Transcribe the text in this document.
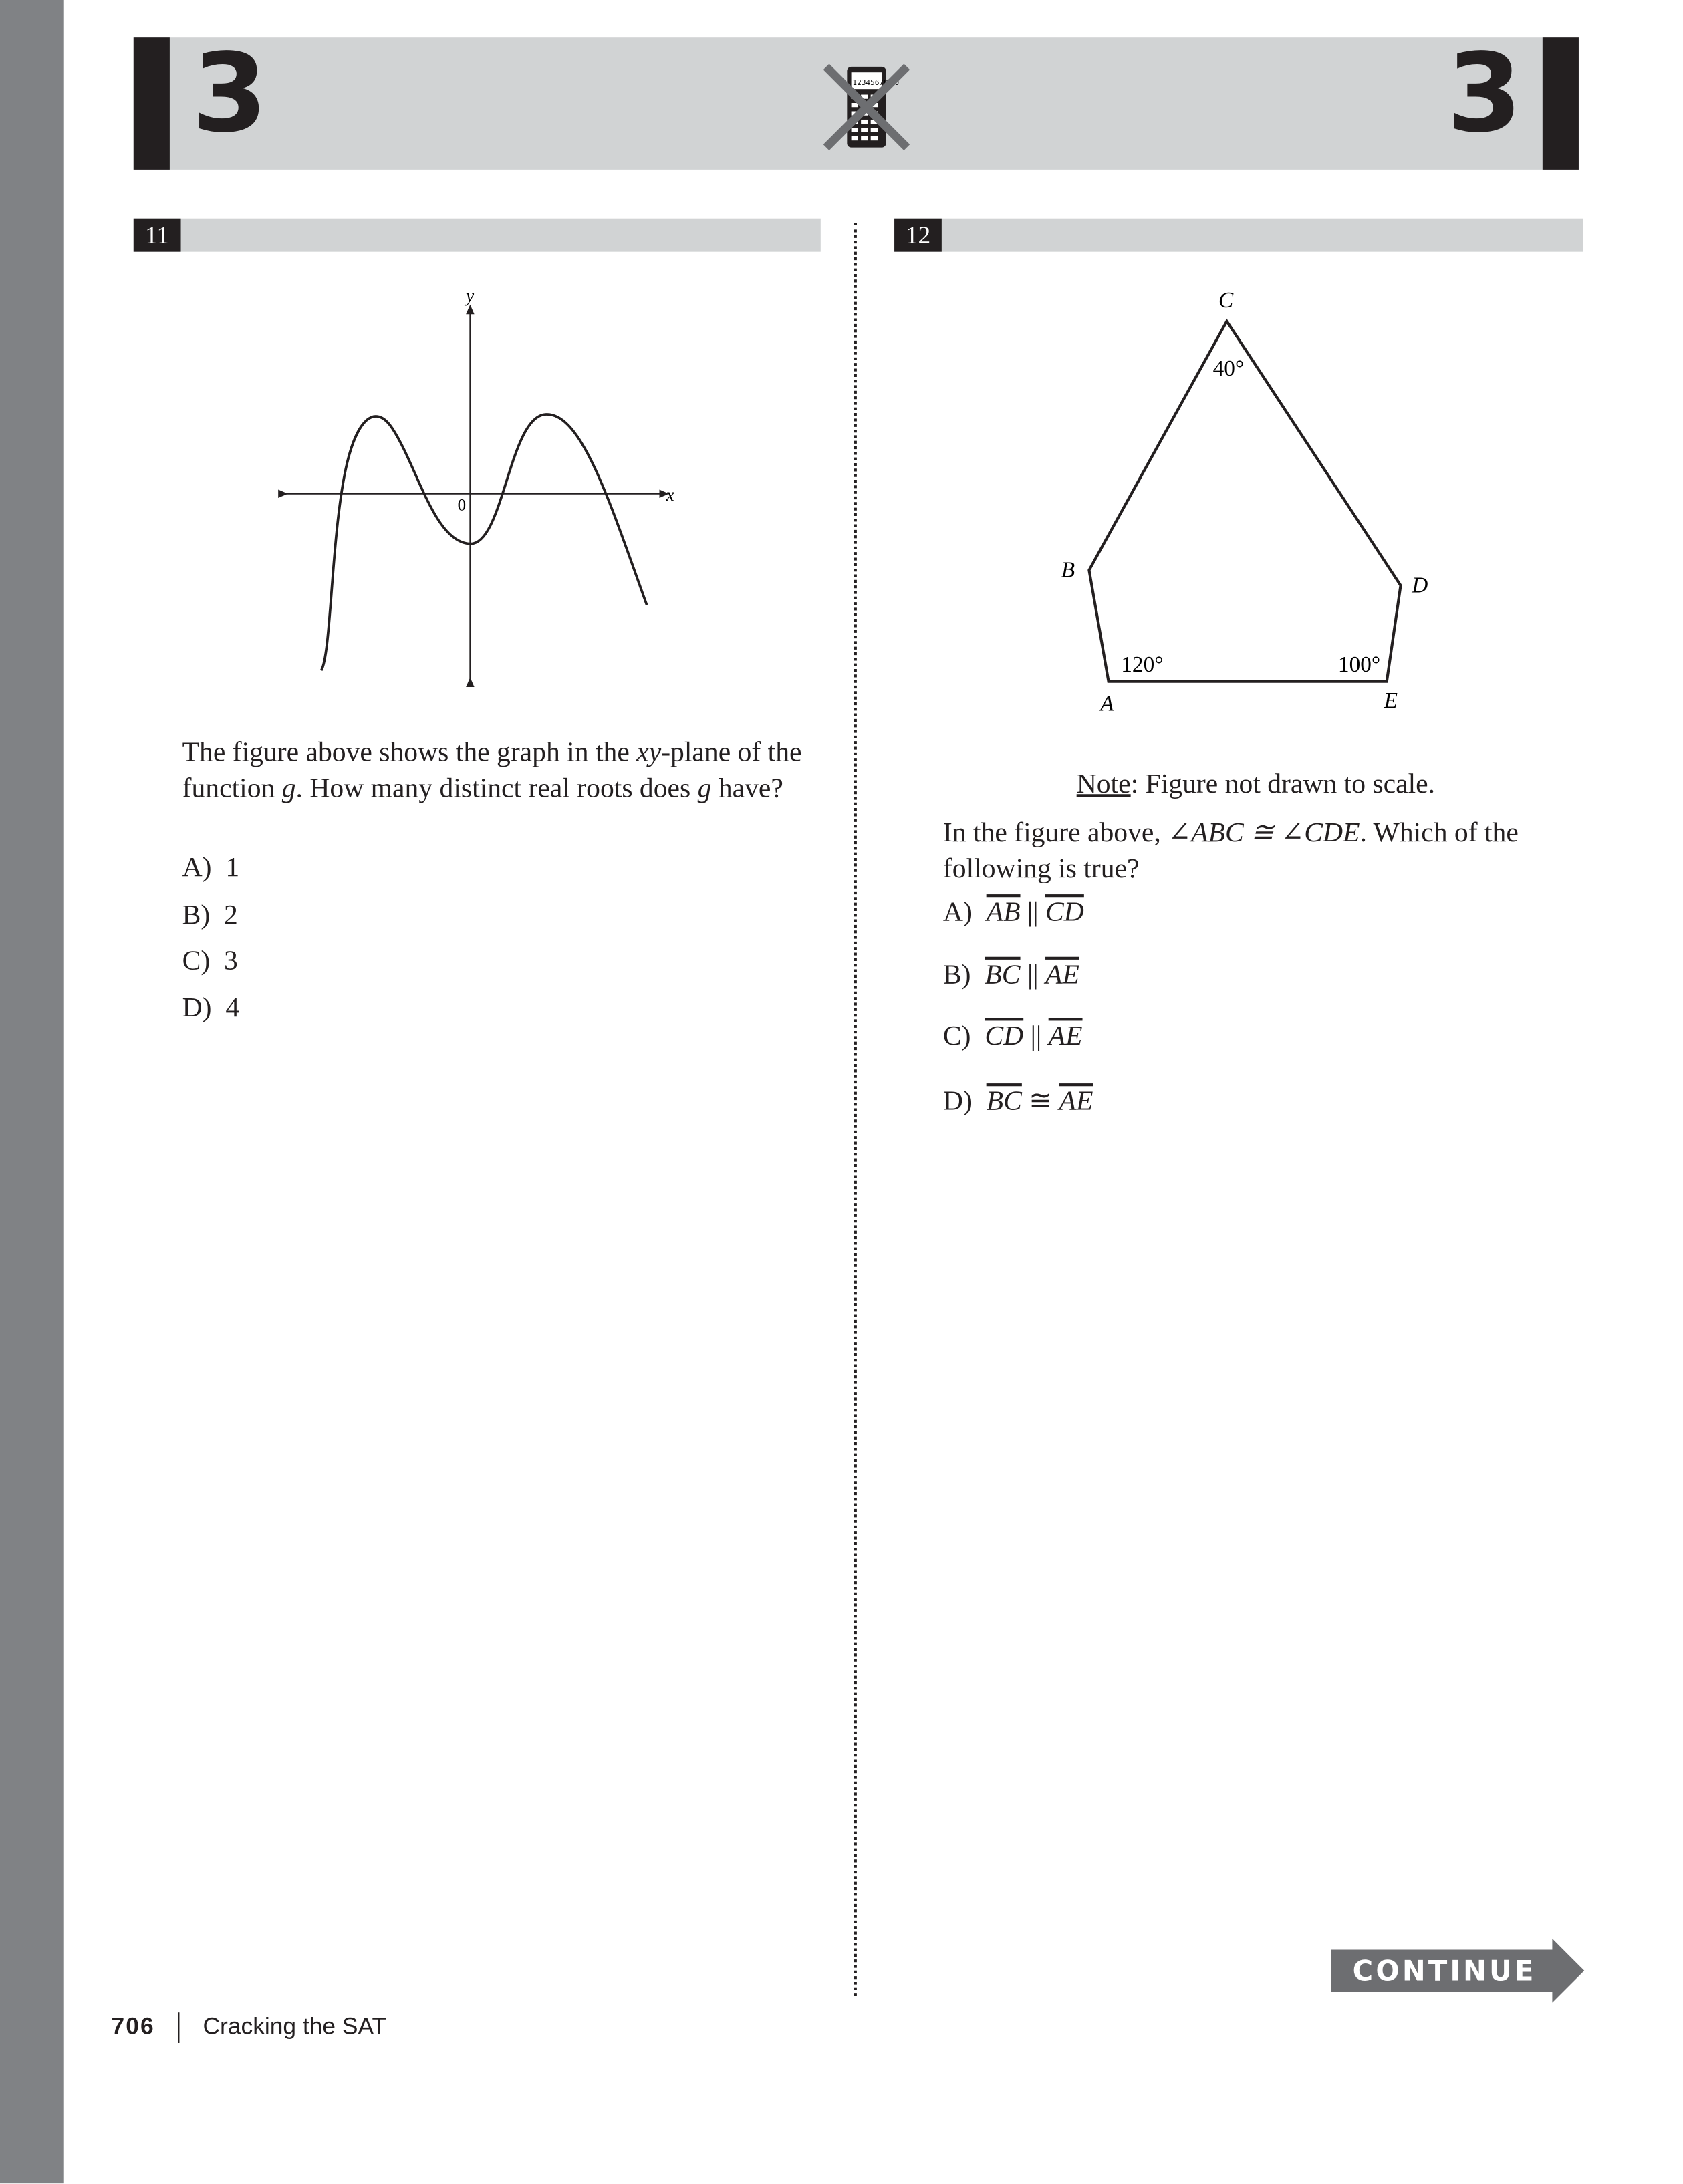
3	3
12345678 90
11
y
x
0
The figure above shows the graph in the xy-plane of the function g. How many distinct real roots does g have?
A) 1
B) 2
C) 3
D) 4
12
C
D
E
A
B
40°
120°	100°
Note: Figure not drawn to scale.
In the figure above, ∠ABC ≅ ∠CDE. Which of the following is true?
A) $\overline{AB}$ || $\overline{CD}$
B) $\overline{BC}$ || $\overline{AE}$
C) $\overline{CD}$ || $\overline{AE}$
D) $\overline{BC}$ ≅ $\overline{AE}$
CONTINUE
706	Cracking the SAT
